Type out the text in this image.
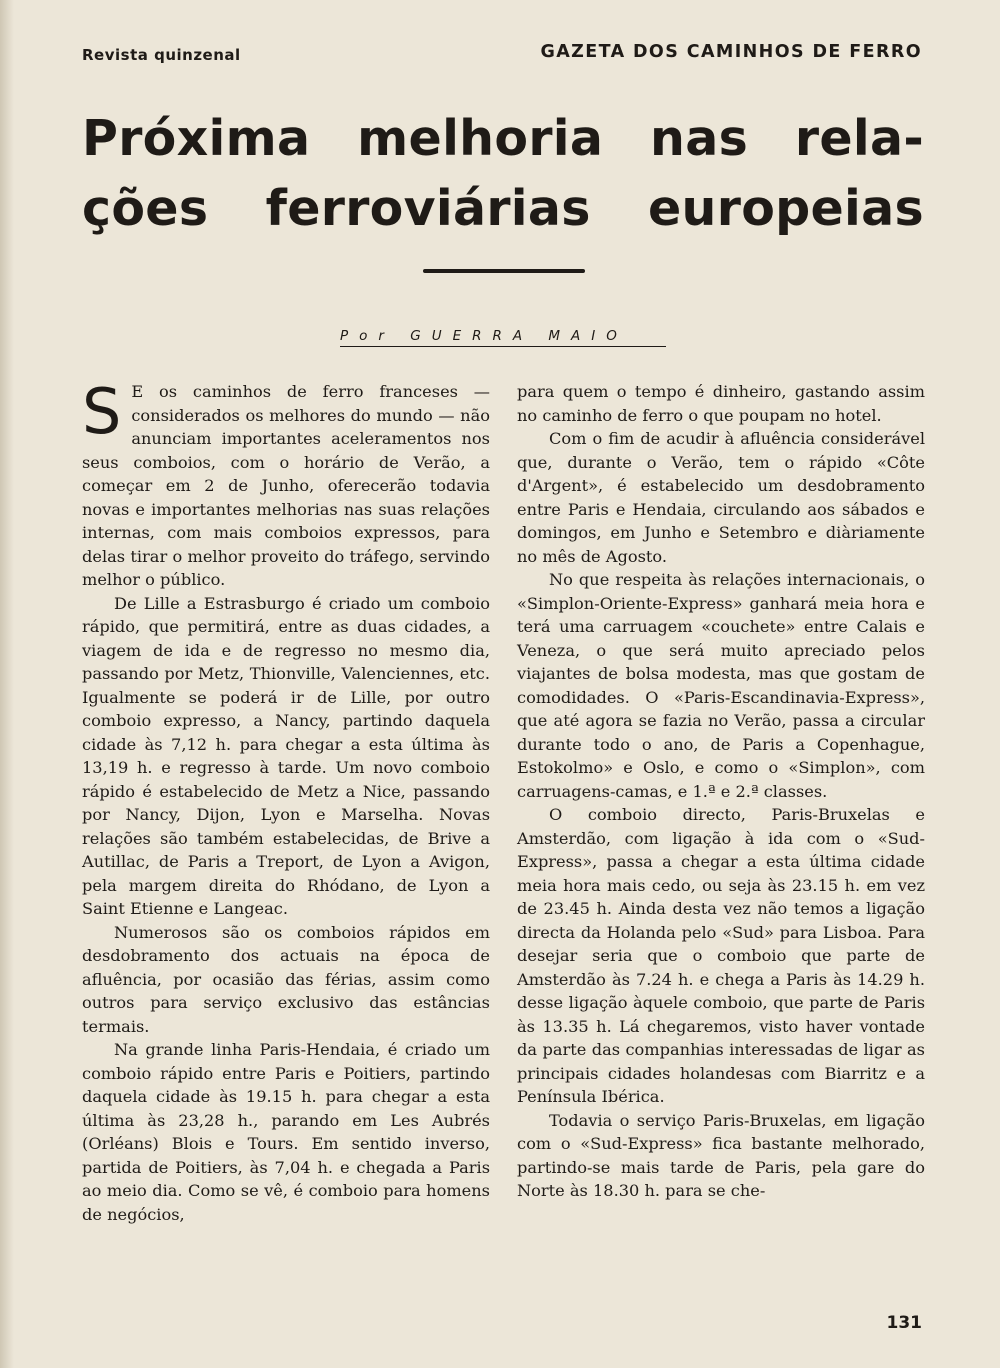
Revista quinzenal	GAZETA DOS CAMINHOS DE FERRO
Próxima melhoria nas rela-
ções ferroviárias europeias
Por GUERRA MAIO

S E os caminhos de ferro franceses — considerados os melhores do mundo — não anunciam importantes aceleramentos nos seus comboios, com o horário de Verão, a começar em 2 de Junho, oferecerão todavia novas e importantes melhorias nas suas relações internas, com mais comboios expressos, para delas tirar o melhor proveito do tráfego, servindo melhor o público.

De Lille a Estrasburgo é criado um comboio rápido, que permitirá, entre as duas cidades, a viagem de ida e de regresso no mesmo dia, passando por Metz, Thionville, Valenciennes, etc. Igualmente se poderá ir de Lille, por outro comboio expresso, a Nancy, partindo daquela cidade às 7,12 h. para chegar a esta última às 13,19 h. e regresso à tarde. Um novo comboio rápido é estabelecido de Metz a Nice, passando por Nancy, Dijon, Lyon e Marselha. Novas relações são também estabelecidas, de Brive a Autillac, de Paris a Treport, de Lyon a Avigon, pela margem direita do Rhódano, de Lyon a Saint Etienne e Langeac.

Numerosos são os comboios rápidos em desdobramento dos actuais na época de afluência, por ocasião das férias, assim como outros para serviço exclusivo das estâncias termais.

Na grande linha Paris-Hendaia, é criado um comboio rápido entre Paris e Poitiers, partindo daquela cidade às 19.15 h. para chegar a esta última às 23,28 h., parando em Les Aubrés (Orléans) Blois e Tours. Em sentido inverso, partida de Poitiers, às 7,04 h. e chegada a Paris ao meio dia. Como se vê, é comboio para homens de negócios,

para quem o tempo é dinheiro, gastando assim no caminho de ferro o que poupam no hotel.

Com o fim de acudir à afluência considerável que, durante o Verão, tem o rápido «Côte d'Argent», é estabelecido um desdobramento entre Paris e Hendaia, circulando aos sábados e domingos, em Junho e Setembro e diàriamente no mês de Agosto.

No que respeita às relações internacionais, o «Simplon-Oriente-Express» ganhará meia hora e terá uma carruagem «couchete» entre Calais e Veneza, o que será muito apreciado pelos viajantes de bolsa modesta, mas que gostam de comodidades. O «Paris-Escandinavia-Express», que até agora se fazia no Verão, passa a circular durante todo o ano, de Paris a Copenhague, Estokolmo» e Oslo, e como o «Simplon», com carruagens-camas, e 1.ª e 2.ª classes.

O comboio directo, Paris-Bruxelas e Amsterdão, com ligação à ida com o «Sud-Express», passa a chegar a esta última cidade meia hora mais cedo, ou seja às 23.15 h. em vez de 23.45 h. Ainda desta vez não temos a ligação directa da Holanda pelo «Sud» para Lisboa. Para desejar seria que o comboio que parte de Amsterdão às 7.24 h. e chega a Paris às 14.29 h. desse ligação àquele comboio, que parte de Paris às 13.35 h. Lá chegaremos, visto haver vontade da parte das companhias interessadas de ligar as principais cidades holandesas com Biarritz e a Península Ibérica.

Todavia o serviço Paris-Bruxelas, em ligação com o «Sud-Express» fica bastante melhorado, partindo-se mais tarde de Paris, pela gare do Norte às 18.30 h. para se che-

131
